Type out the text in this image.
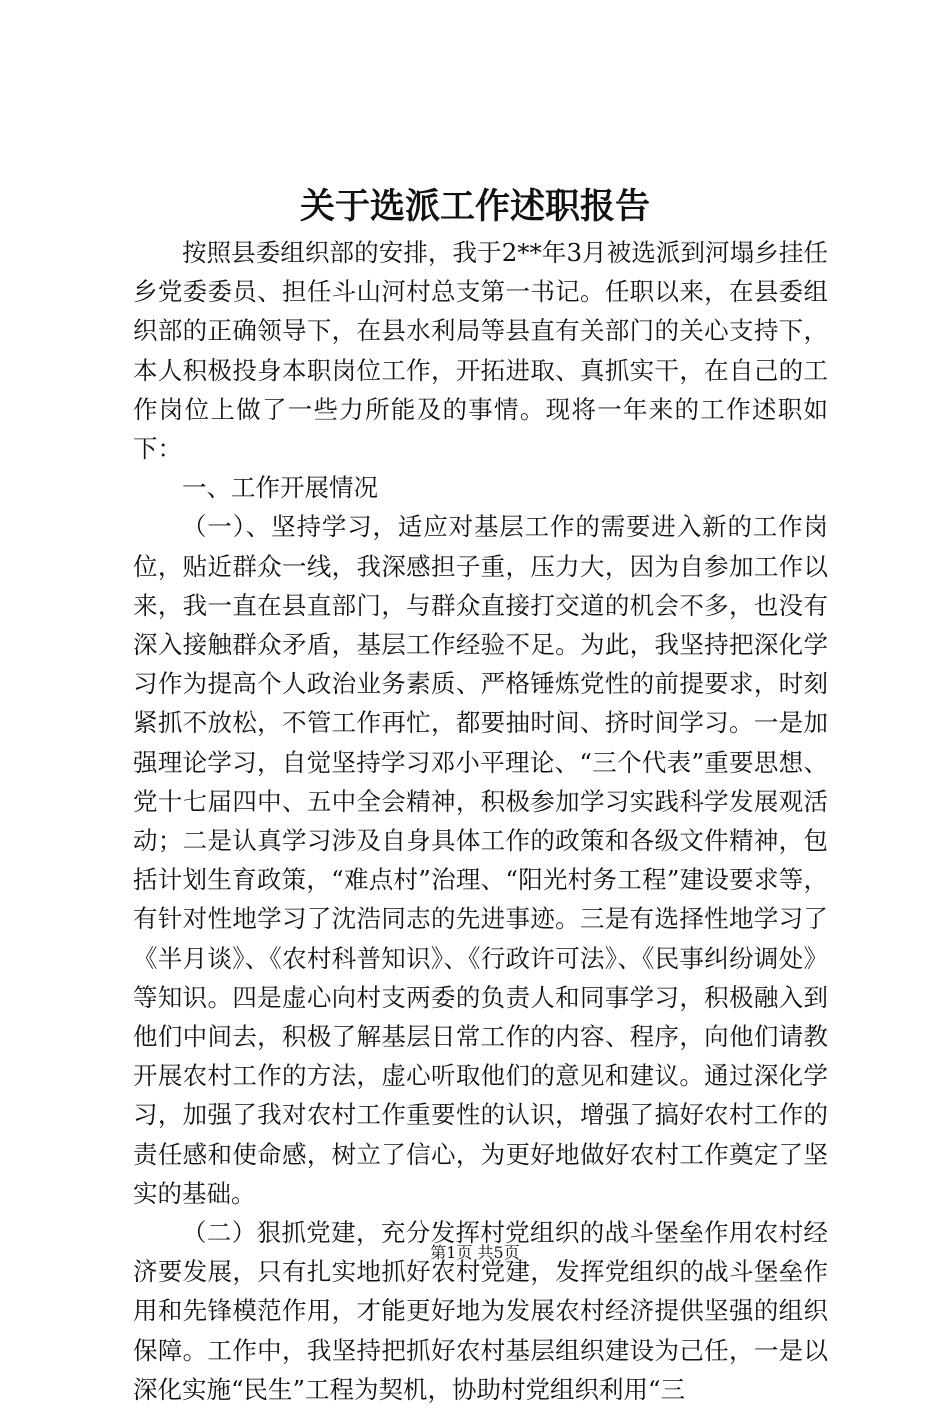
关于选派工作述职报告

按照县委组织部的安排，我于2**年3月被选派到河塌乡挂任乡党委委员、担任斗山河村总支第一书记。任职以来，在县委组织部的正确领导下，在县水利局等县直有关部门的关心支持下，本人积极投身本职岗位工作，开拓进取、真抓实干，在自己的工作岗位上做了一些力所能及的事情。现将一年来的工作述职如下：

一、工作开展情况

（一）、坚持学习，适应对基层工作的需要进入新的工作岗位，贴近群众一线，我深感担子重，压力大，因为自参加工作以来，我一直在县直部门，与群众直接打交道的机会不多，也没有深入接触群众矛盾，基层工作经验不足。为此，我坚持把深化学习作为提高个人政治业务素质、严格锤炼党性的前提要求，时刻紧抓不放松，不管工作再忙，都要抽时间、挤时间学习。一是加强理论学习，自觉坚持学习邓小平理论、“三个代表”重要思想、党十七届四中、五中全会精神，积极参加学习实践科学发展观活动；二是认真学习涉及自身具体工作的政策和各级文件精神，包括计划生育政策，“难点村”治理、“阳光村务工程”建设要求等，有针对性地学习了沈浩同志的先进事迹。三是有选择性地学习了《半月谈》、《农村科普知识》、《行政许可法》、《民事纠纷调处》等知识。四是虚心向村支两委的负责人和同事学习，积极融入到他们中间去，积极了解基层日常工作的内容、程序，向他们请教开展农村工作的方法，虚心听取他们的意见和建议。通过深化学习，加强了我对农村工作重要性的认识，增强了搞好农村工作的责任感和使命感，树立了信心，为更好地做好农村工作奠定了坚实的基础。

（二）狠抓党建，充分发挥村党组织的战斗堡垒作用农村经济要发展，只有扎实地抓好农村党建，发挥党组织的战斗堡垒作用和先锋模范作用，才能更好地为发展农村经济提供坚强的组织保障。工作中，我坚持把抓好农村基层组织建设为己任，一是以深化实施“民生”工程为契机，协助村党组织利用“三

第1页 共5页
